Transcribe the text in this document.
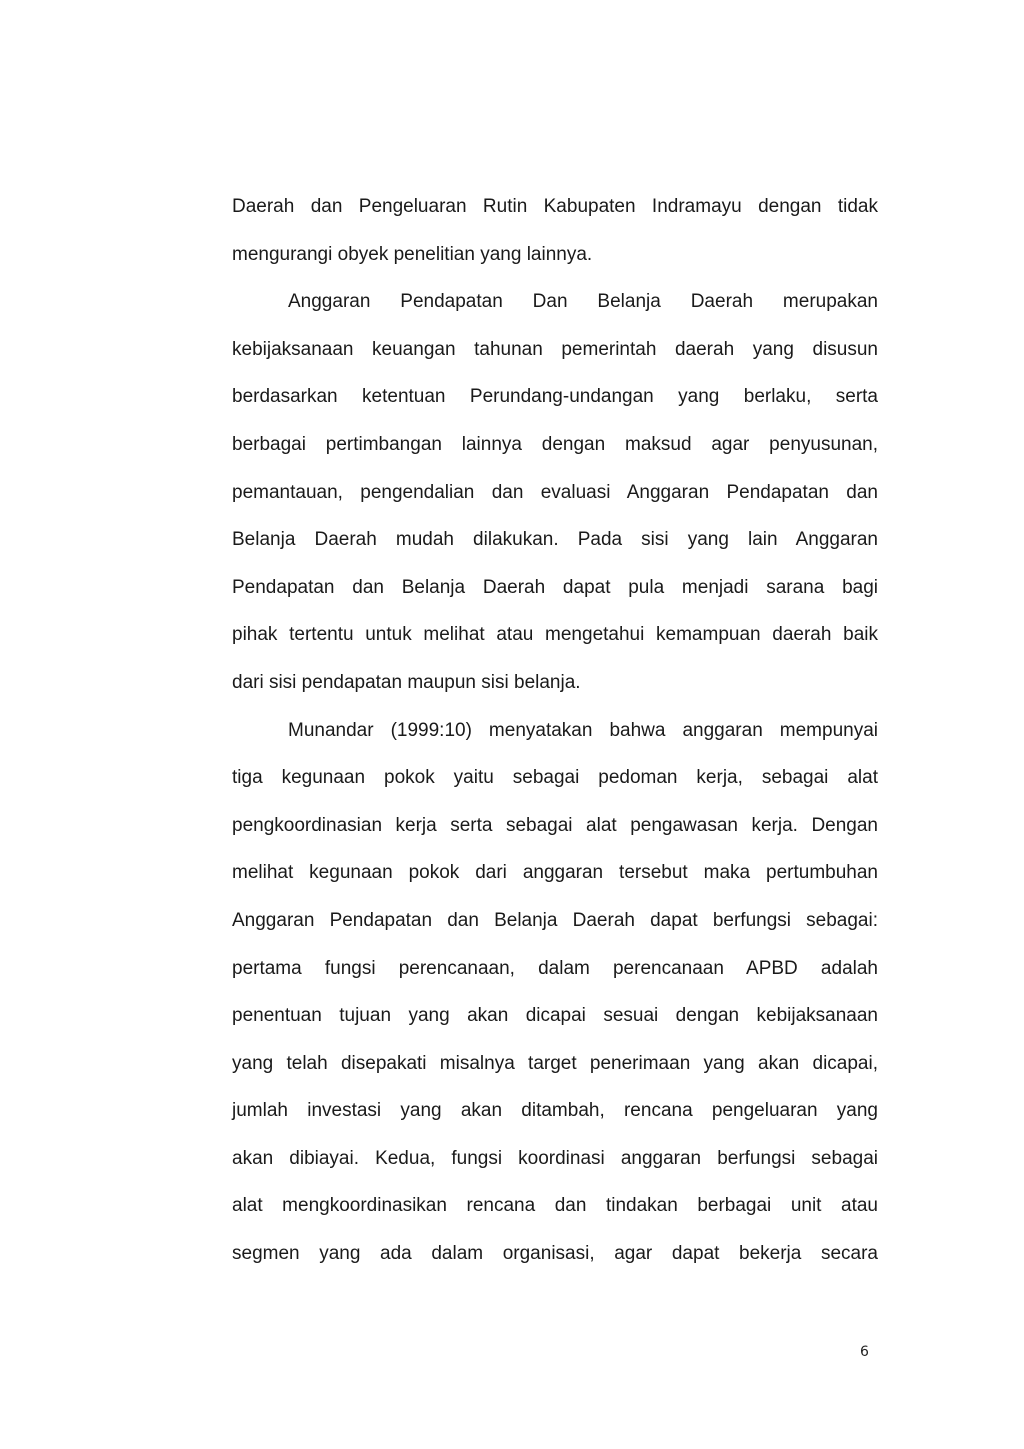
Daerah dan Pengeluaran Rutin Kabupaten Indramayu dengan tidak
mengurangi obyek penelitian yang lainnya.
Anggaran Pendapatan Dan Belanja Daerah merupakan
kebijaksanaan keuangan tahunan pemerintah daerah yang disusun
berdasarkan ketentuan Perundang-undangan yang berlaku, serta
berbagai pertimbangan lainnya dengan maksud agar penyusunan,
pemantauan, pengendalian dan evaluasi Anggaran Pendapatan dan
Belanja Daerah mudah dilakukan. Pada sisi yang lain Anggaran
Pendapatan dan Belanja Daerah dapat pula menjadi sarana bagi
pihak tertentu untuk melihat atau mengetahui kemampuan daerah baik
dari sisi pendapatan maupun sisi belanja.
Munandar (1999:10) menyatakan bahwa anggaran mempunyai
tiga kegunaan pokok yaitu sebagai pedoman kerja, sebagai alat
pengkoordinasian kerja serta sebagai alat pengawasan kerja. Dengan
melihat kegunaan pokok dari anggaran tersebut maka pertumbuhan
Anggaran Pendapatan dan Belanja Daerah dapat berfungsi sebagai:
pertama fungsi perencanaan, dalam perencanaan APBD adalah
penentuan tujuan yang akan dicapai sesuai dengan kebijaksanaan
yang telah disepakati misalnya target penerimaan yang akan dicapai,
jumlah investasi yang akan ditambah, rencana pengeluaran yang
akan dibiayai. Kedua, fungsi koordinasi anggaran berfungsi sebagai
alat mengkoordinasikan rencana dan tindakan berbagai unit atau
segmen yang ada dalam organisasi, agar dapat bekerja secara
6
